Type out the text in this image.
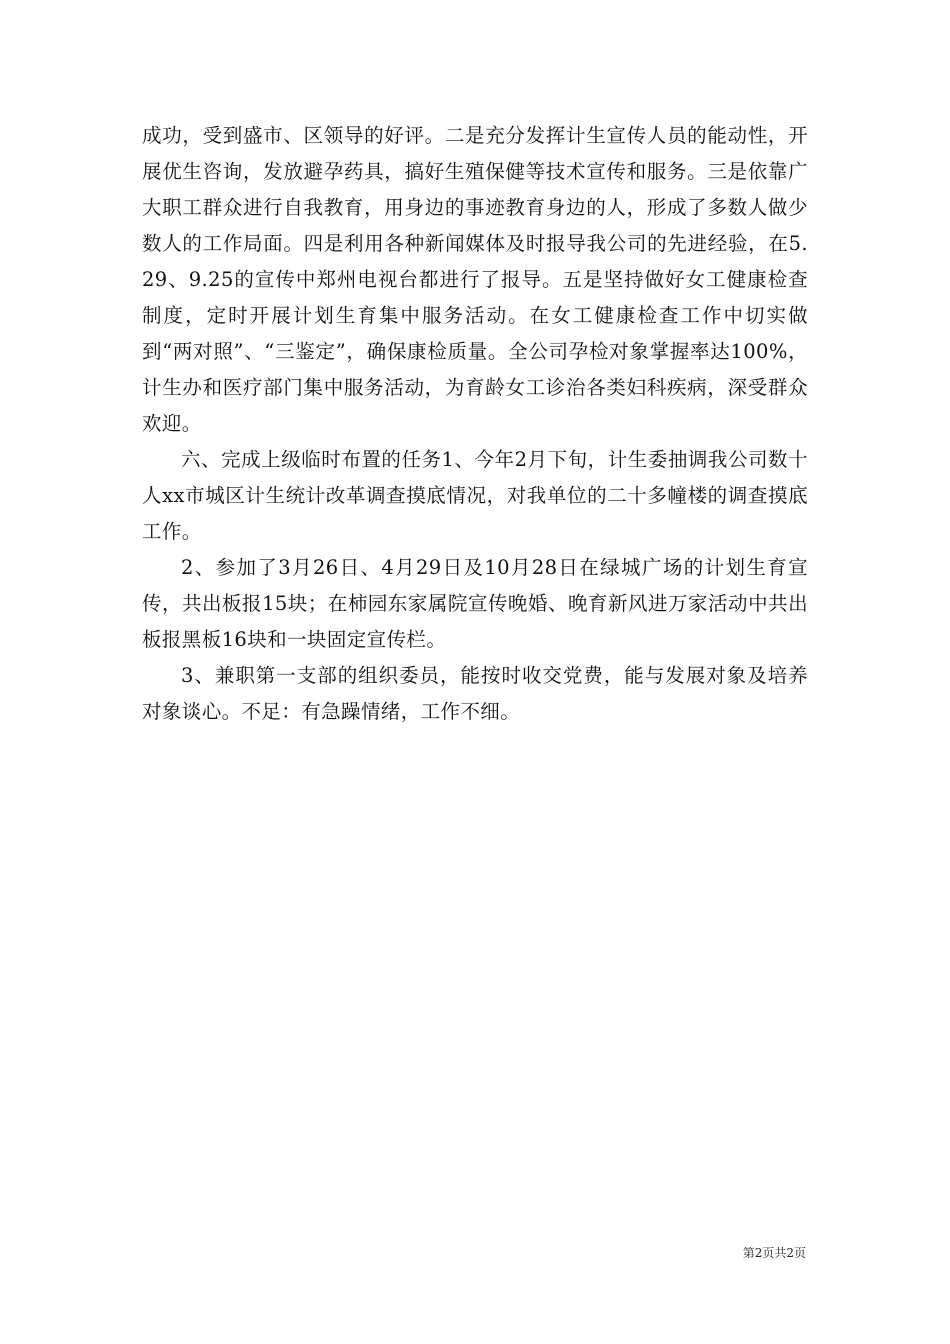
成功，受到盛市、区领导的好评。二是充分发挥计生宣传人员的能动性，开展优生咨询，发放避孕药具，搞好生殖保健等技术宣传和服务。三是依靠广大职工群众进行自我教育，用身边的事迹教育身边的人，形成了多数人做少数人的工作局面。四是利用各种新闻媒体及时报导我公司的先进经验，在5.29、9.25的宣传中郑州电视台都进行了报导。五是坚持做好女工健康检查制度，定时开展计划生育集中服务活动。在女工健康检查工作中切实做到“两对照”、“三鉴定”，确保康检质量。全公司孕检对象掌握率达100%，计生办和医疗部门集中服务活动，为育龄女工诊治各类妇科疾病，深受群众欢迎。

六、完成上级临时布置的任务1、今年2月下旬，计生委抽调我公司数十人xx市城区计生统计改革调查摸底情况，对我单位的二十多幢楼的调查摸底工作。

2、参加了3月26日、4月29日及10月28日在绿城广场的计划生育宣传，共出板报15块；在柿园东家属院宣传晚婚、晚育新风进万家活动中共出板报黑板16块和一块固定宣传栏。

3、兼职第一支部的组织委员，能按时收交党费，能与发展对象及培养对象谈心。不足：有急躁情绪，工作不细。

第2页共2页
